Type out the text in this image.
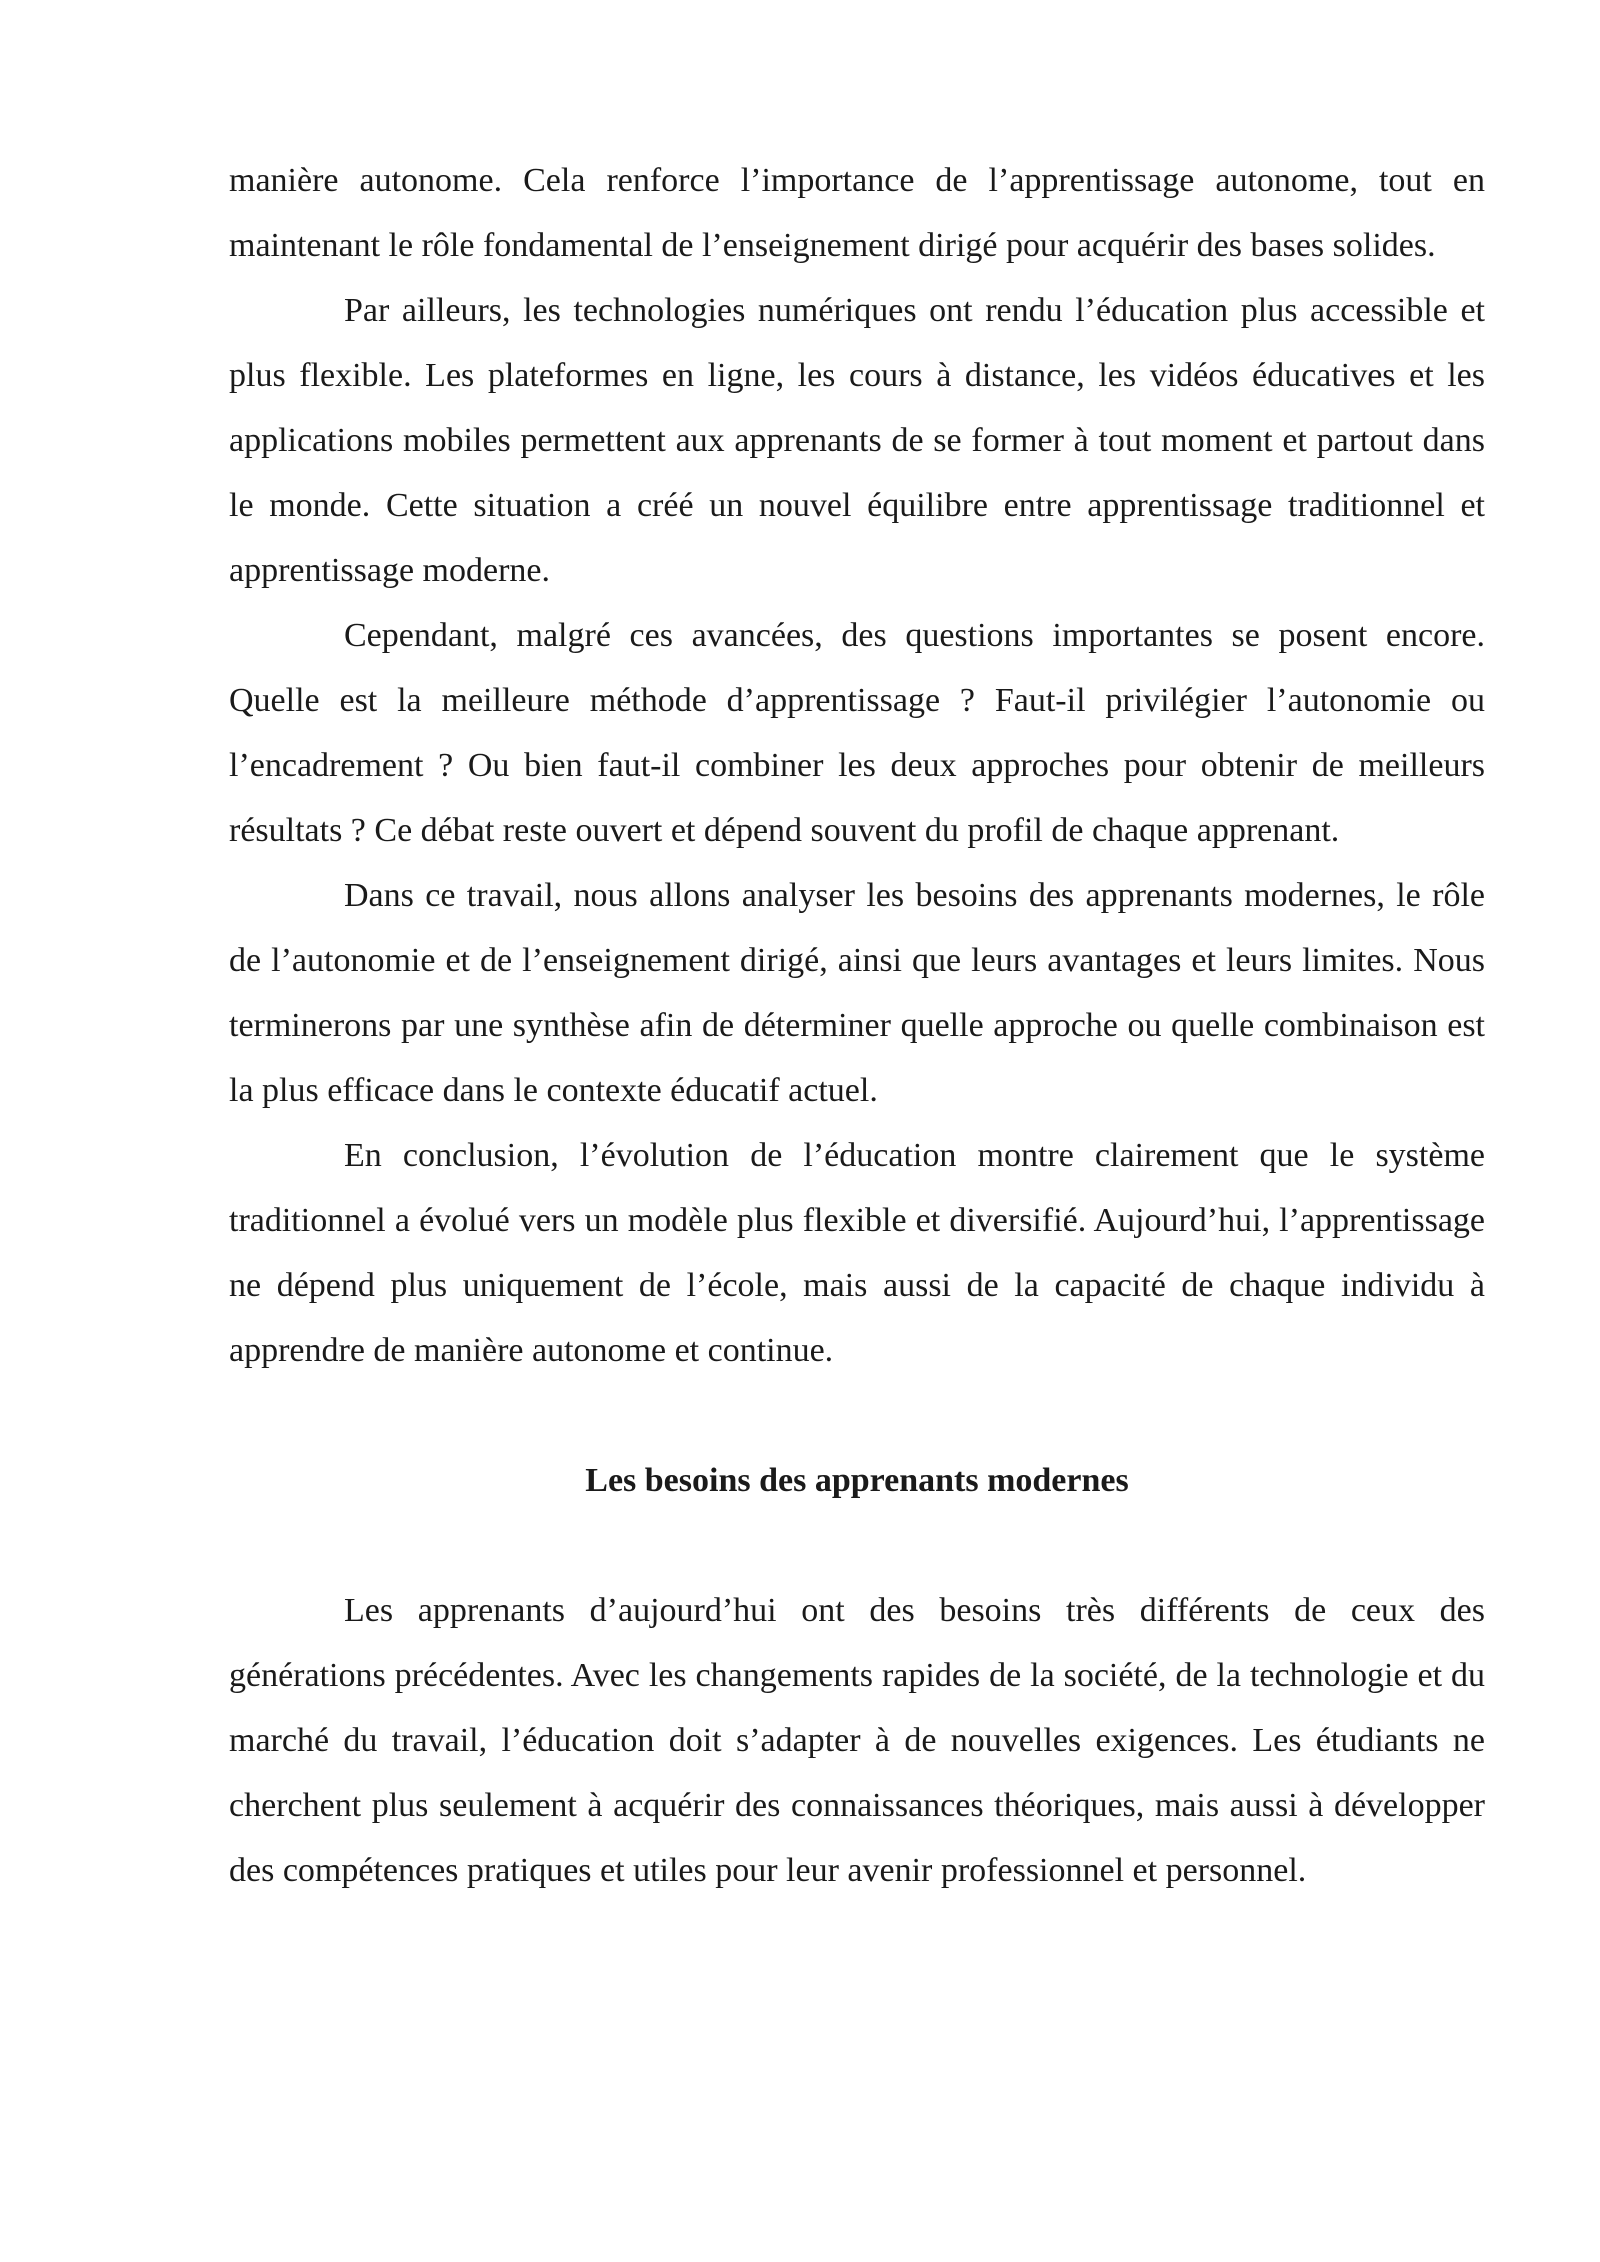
manière autonome. Cela renforce l’importance de l’apprentissage autonome, tout en maintenant le rôle fondamental de l’enseignement dirigé pour acquérir des bases solides.

Par ailleurs, les technologies numériques ont rendu l’éducation plus accessible et plus flexible. Les plateformes en ligne, les cours à distance, les vidéos éducatives et les applications mobiles permettent aux apprenants de se former à tout moment et partout dans le monde. Cette situation a créé un nouvel équilibre entre apprentissage traditionnel et apprentissage moderne.

Cependant, malgré ces avancées, des questions importantes se posent encore. Quelle est la meilleure méthode d’apprentissage ? Faut-il privilégier l’autonomie ou l’encadrement ? Ou bien faut-il combiner les deux approches pour obtenir de meilleurs résultats ? Ce débat reste ouvert et dépend souvent du profil de chaque apprenant.

Dans ce travail, nous allons analyser les besoins des apprenants modernes, le rôle de l’autonomie et de l’enseignement dirigé, ainsi que leurs avantages et leurs limites. Nous terminerons par une synthèse afin de déterminer quelle approche ou quelle combinaison est la plus efficace dans le contexte éducatif actuel.

En conclusion, l’évolution de l’éducation montre clairement que le système traditionnel a évolué vers un modèle plus flexible et diversifié. Aujourd’hui, l’apprentissage ne dépend plus uniquement de l’école, mais aussi de la capacité de chaque individu à apprendre de manière autonome et continue.

Les besoins des apprenants modernes

Les apprenants d’aujourd’hui ont des besoins très différents de ceux des générations précédentes. Avec les changements rapides de la société, de la technologie et du marché du travail, l’éducation doit s’adapter à de nouvelles exigences. Les étudiants ne cherchent plus seulement à acquérir des connaissances théoriques, mais aussi à développer des compétences pratiques et utiles pour leur avenir professionnel et personnel.
